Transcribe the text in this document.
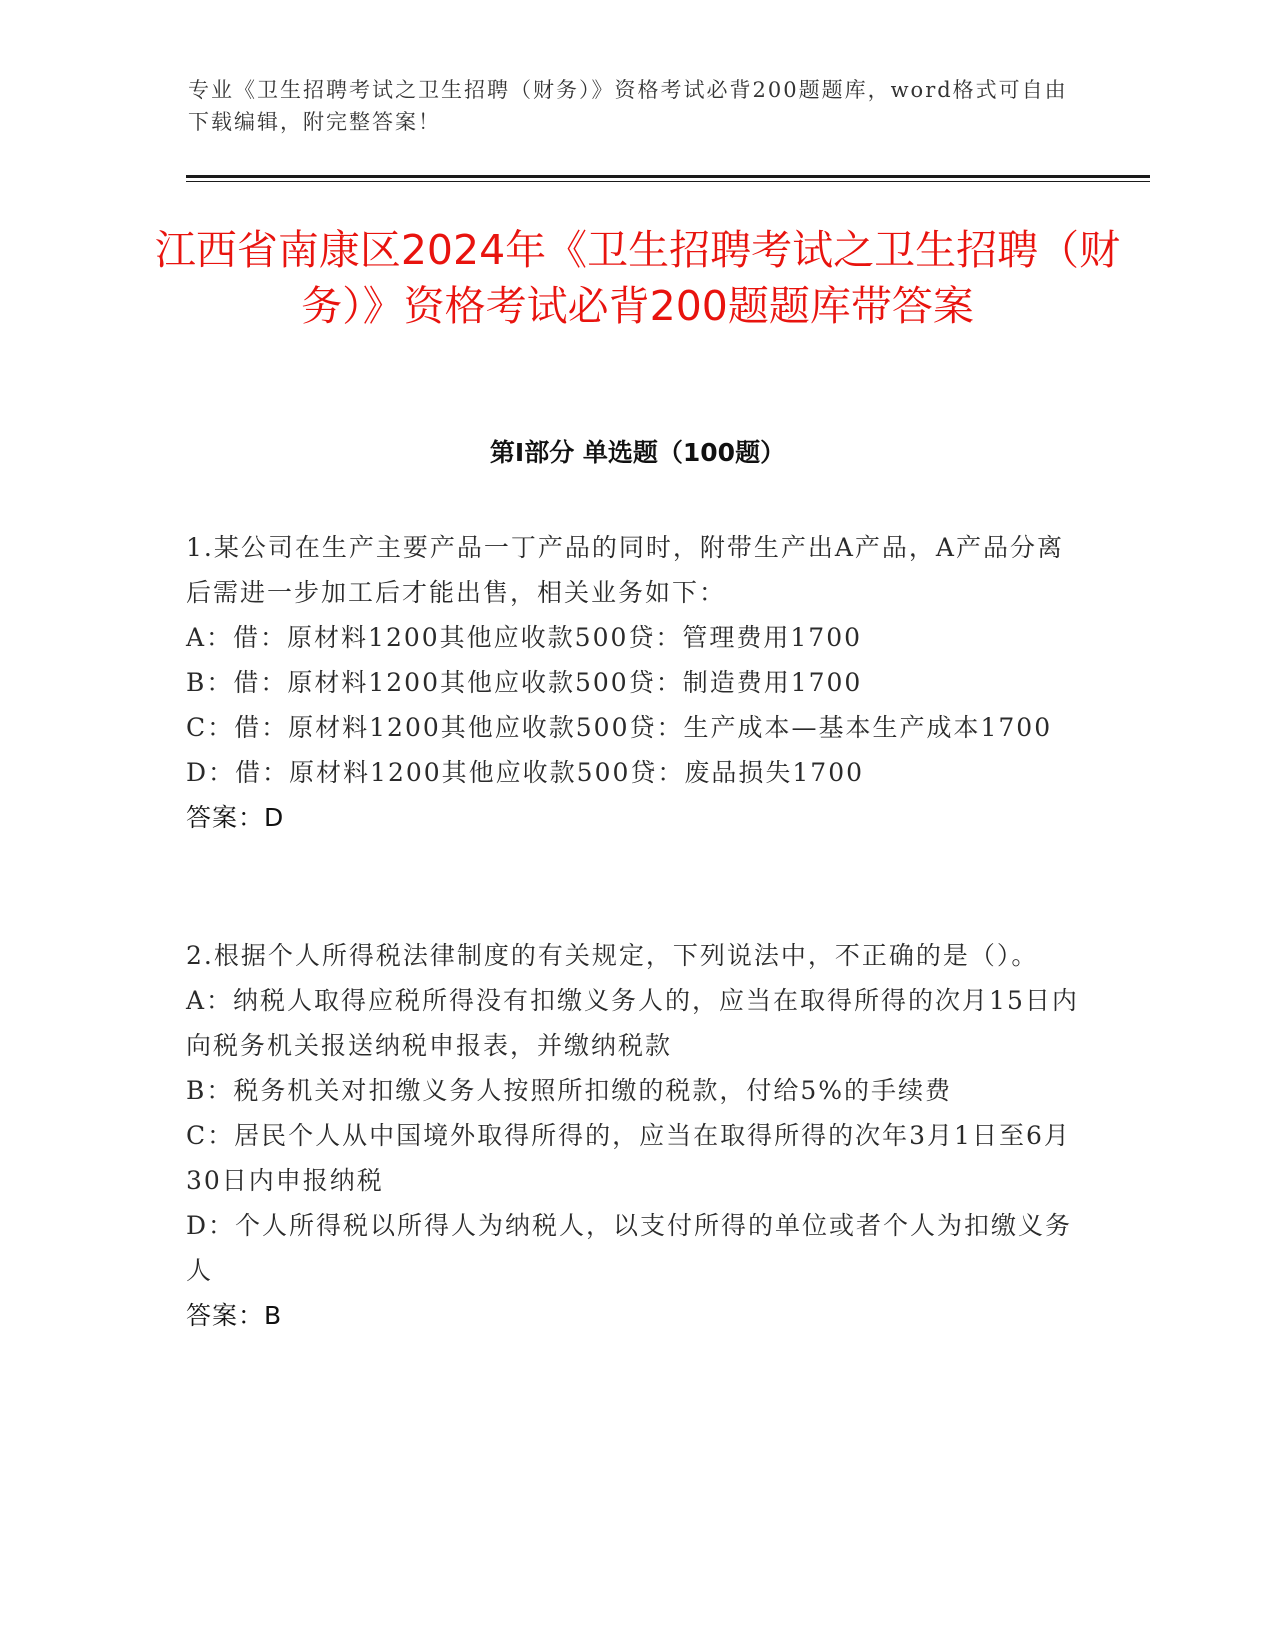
专业《卫生招聘考试之卫生招聘（财务）》资格考试必背200题题库，word格式可自由下载编辑，附完整答案！
江西省南康区2024年《卫生招聘考试之卫生招聘（财务）》资格考试必背200题题库带答案
第I部分 单选题（100题）

1.某公司在生产主要产品一丁产品的同时，附带生产出A产品，A产品分离后需进一步加工后才能出售，相关业务如下：

A：借：原材料1200其他应收款500贷：管理费用1700

B：借：原材料1200其他应收款500贷：制造费用1700

C：借：原材料1200其他应收款500贷：生产成本—基本生产成本1700

D：借：原材料1200其他应收款500贷：废品损失1700

答案：D

2.根据个人所得税法律制度的有关规定，下列说法中，不正确的是（）。

A：纳税人取得应税所得没有扣缴义务人的，应当在取得所得的次月15日内向税务机关报送纳税申报表，并缴纳税款

B：税务机关对扣缴义务人按照所扣缴的税款，付给5%的手续费

C：居民个人从中国境外取得所得的，应当在取得所得的次年3月1日至6月30日内申报纳税

D：个人所得税以所得人为纳税人，以支付所得的单位或者个人为扣缴义务人

答案：B
